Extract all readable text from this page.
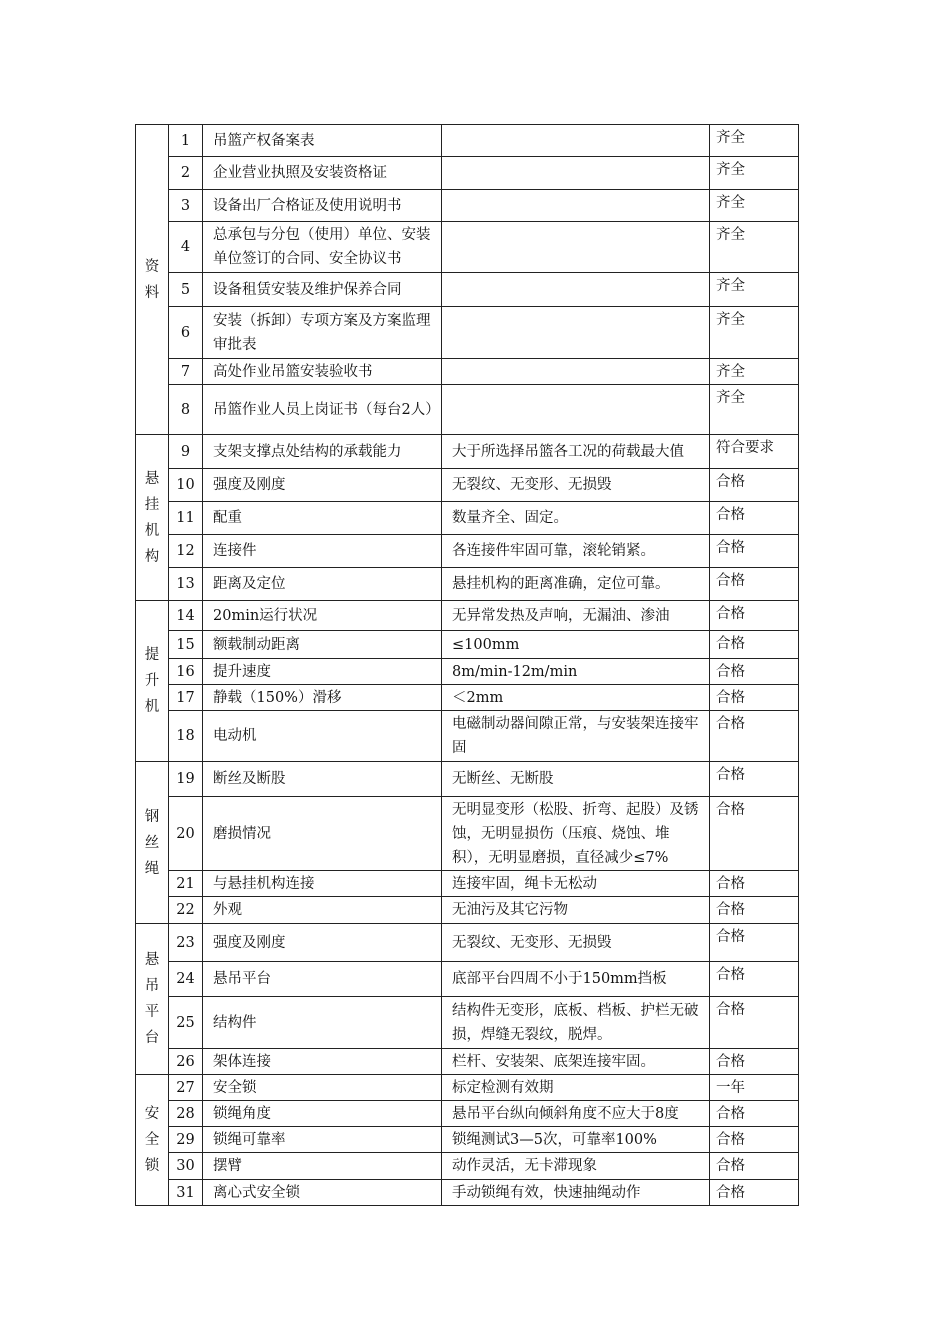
资料	1	吊篮产权备案表		齐全
	2	企业营业执照及安装资格证		齐全
	3	设备出厂合格证及使用说明书		齐全
	4	总承包与分包（使用）单位、安装单位签订的合同、安全协议书		齐全
	5	设备租赁安装及维护保养合同		齐全
	6	安装（拆卸）专项方案及方案监理审批表		齐全
	7	高处作业吊篮安装验收书		齐全
	8	吊篮作业人员上岗证书（每台2人）		齐全

悬挂机构	9	支架支撑点处结构的承载能力	大于所选择吊篮各工况的荷载最大值	符合要求
	10	强度及刚度	无裂纹、无变形、无损毁	合格
	11	配重	数量齐全、固定。	合格
	12	连接件	各连接件牢固可靠，滚轮销紧。	合格
	13	距离及定位	悬挂机构的距离准确，定位可靠。	合格

提升机	14	20min运行状况	无异常发热及声响，无漏油、渗油	合格
	15	额载制动距离	≤100mm	合格
	16	提升速度	8m/min-12m/min	合格
	17	静载（150%）滑移	＜2mm	合格
	18	电动机	电磁制动器间隙正常，与安装架连接牢固	合格

钢丝绳	19	断丝及断股	无断丝、无断股	合格
	20	磨损情况	无明显变形（松股、折弯、起股）及锈蚀，无明显损伤（压痕、烧蚀、堆积），无明显磨损，直径减少≤7%	合格
	21	与悬挂机构连接	连接牢固，绳卡无松动	合格
	22	外观	无油污及其它污物	合格

悬吊平台	23	强度及刚度	无裂纹、无变形、无损毁	合格
	24	悬吊平台	底部平台四周不小于150mm挡板	合格
	25	结构件	结构件无变形，底板、档板、护栏无破损，焊缝无裂纹，脱焊。	合格
	26	架体连接	栏杆、安装架、底架连接牢固。	合格

安全锁	27	安全锁	标定检测有效期	一年
	28	锁绳角度	悬吊平台纵向倾斜角度不应大于8度	合格
	29	锁绳可靠率	锁绳测试3—5次，可靠率100%	合格
	30	摆臂	动作灵活，无卡滞现象	合格
	31	离心式安全锁	手动锁绳有效，快速抽绳动作	合格
